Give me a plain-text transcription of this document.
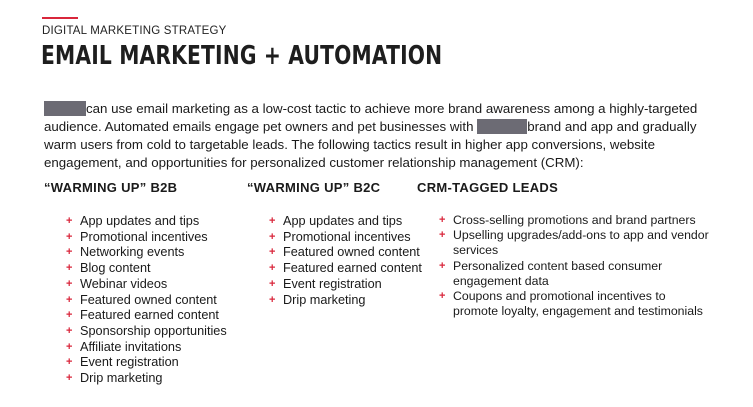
DIGITAL MARKETING STRATEGY
EMAIL MARKETING + AUTOMATION

can use email marketing as a low-cost tactic to achieve more brand awareness among a highly-targeted audience. Automated emails engage pet owners and pet businesses with	brand and app and gradually warm users from cold to targetable leads. The following tactics result in higher app conversions, website engagement, and opportunities for personalized customer relationship management (CRM):

“WARMING UP” B2B
+ App updates and tips
+ Promotional incentives
+ Networking events
+ Blog content
+ Webinar videos
+ Featured owned content
+ Featured earned content
+ Sponsorship opportunities
+ Affiliate invitations
+ Event registration
+ Drip marketing
“WARMING UP” B2C
+ App updates and tips
+ Promotional incentives
+ Featured owned content
+ Featured earned content
+ Event registration
+ Drip marketing
CRM-TAGGED LEADS
+ Cross-selling promotions and brand partners
+ Upselling upgrades/add-ons to app and vendor services
+ Personalized content based consumer engagement data
+ Coupons and promotional incentives to promote loyalty, engagement and testimonials
